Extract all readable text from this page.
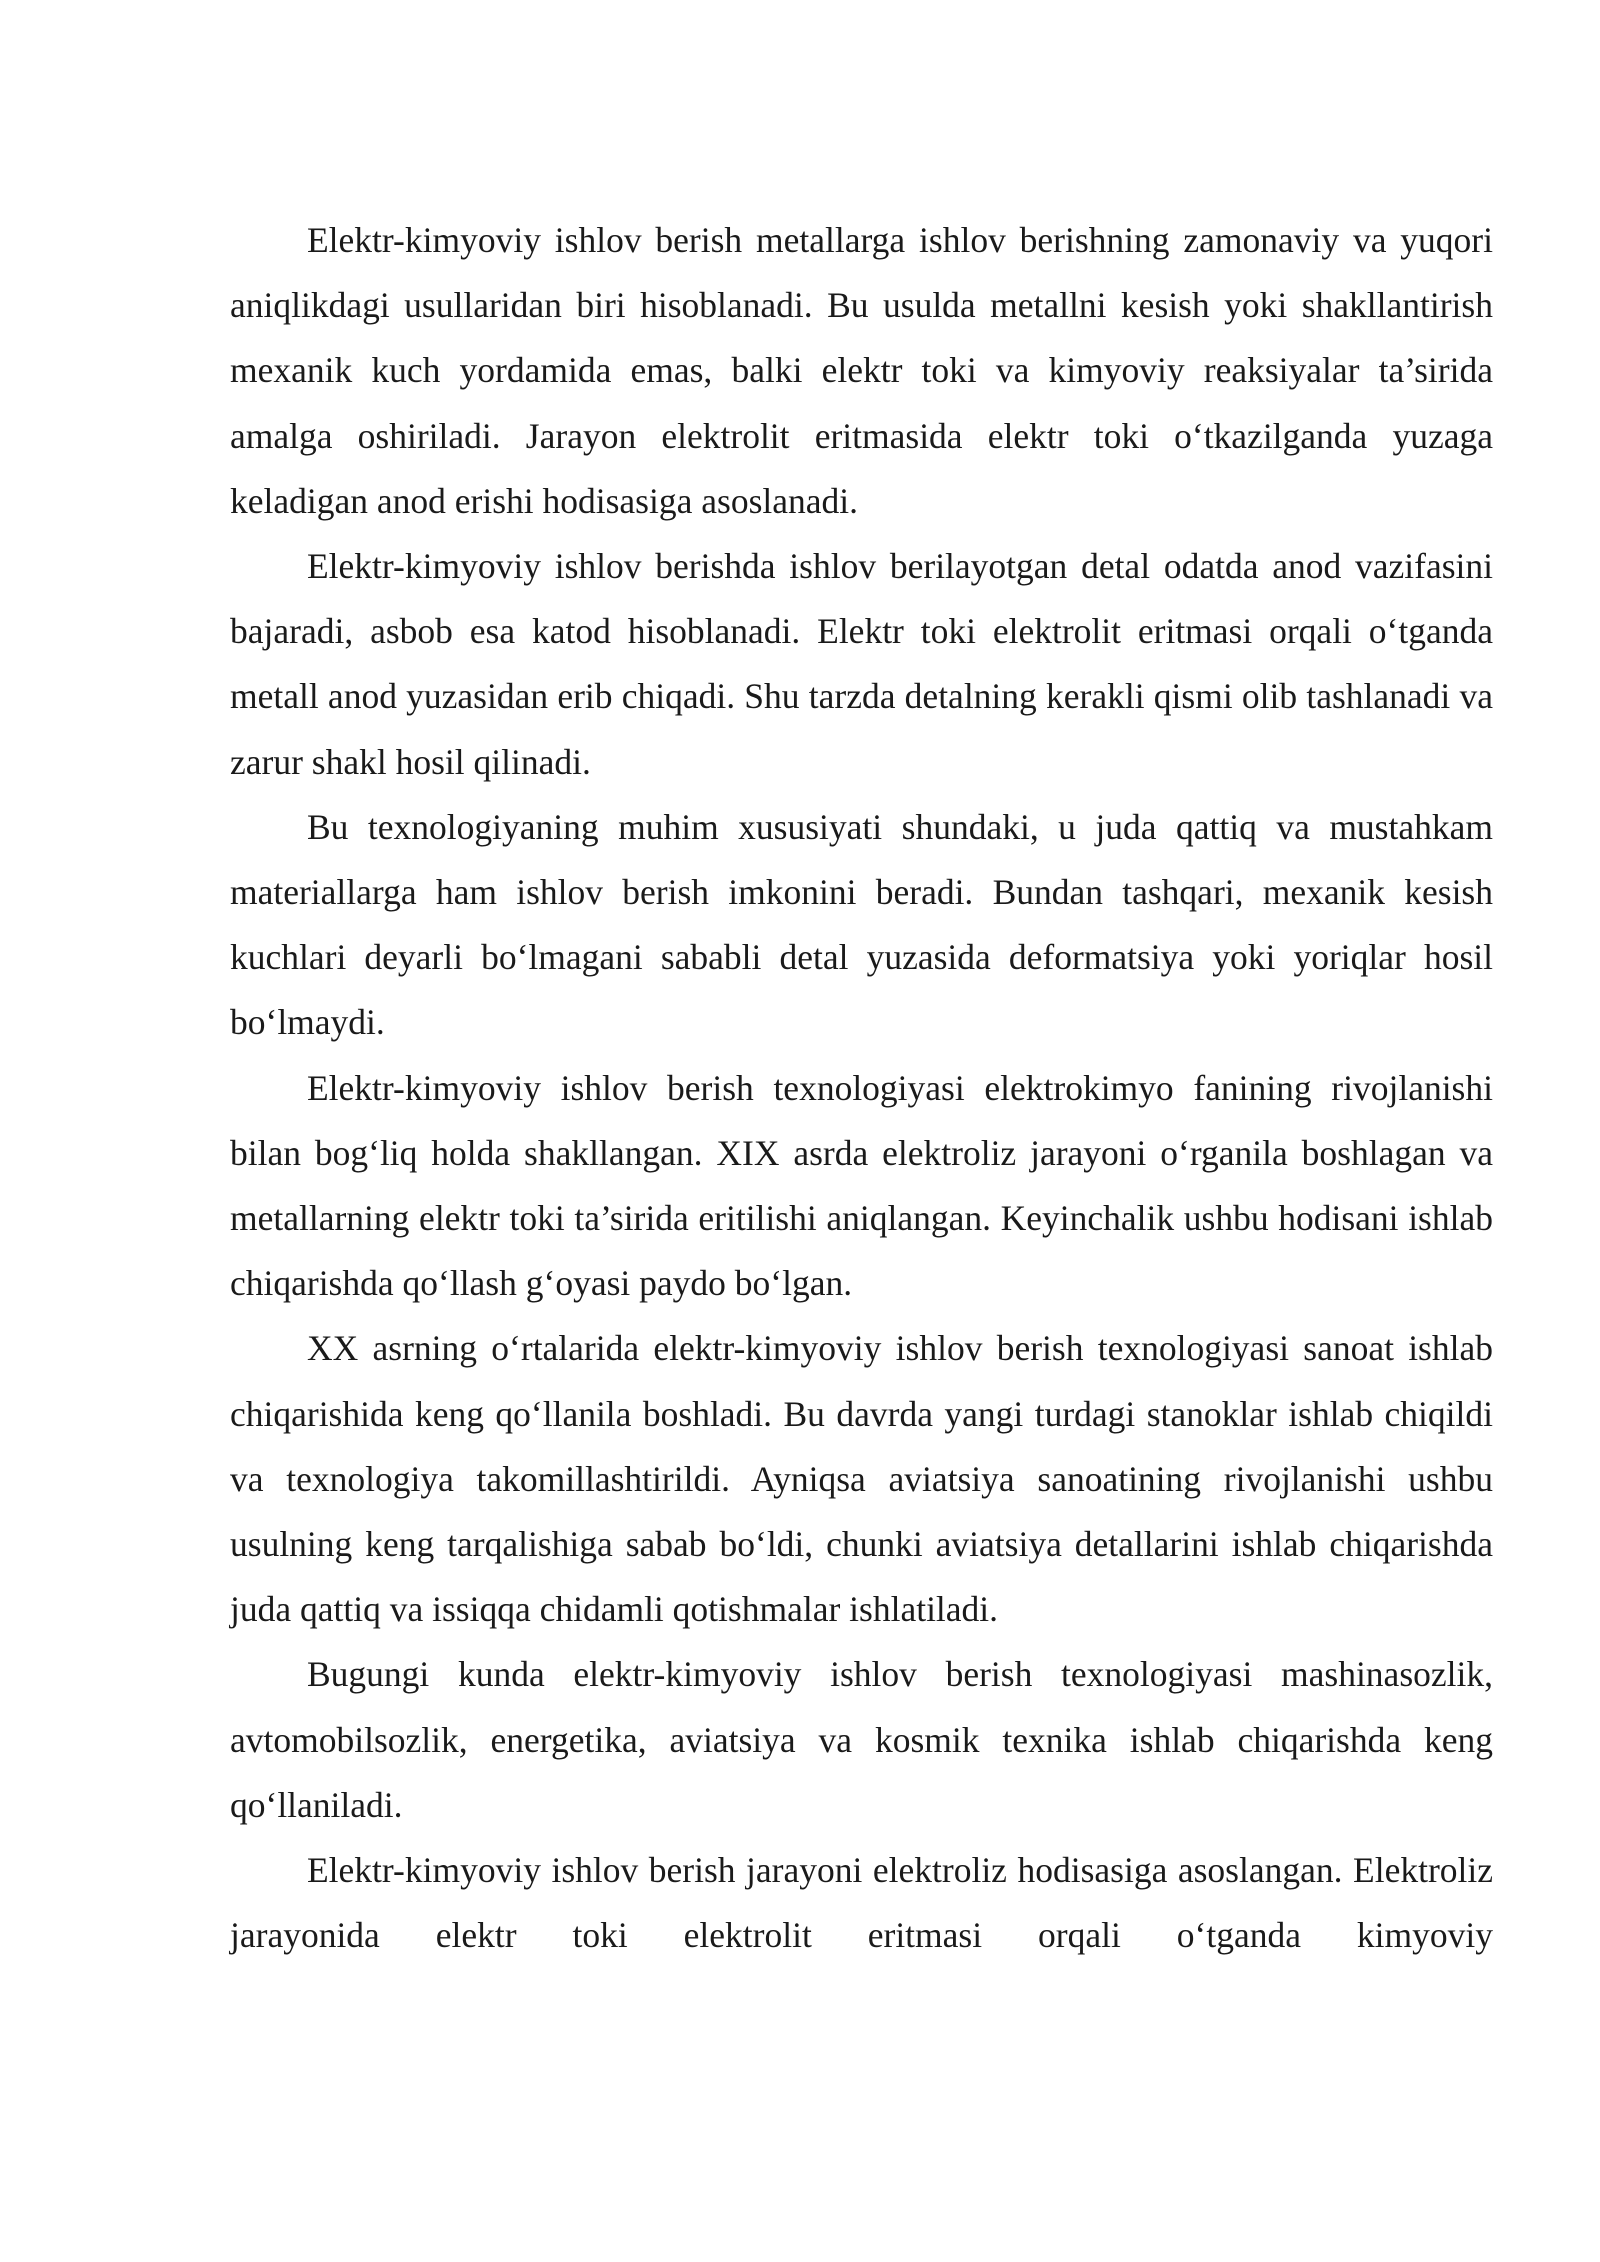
Elektr-kimyoviy ishlov berish metallarga ishlov berishning zamonaviy va yuqori aniqlikdagi usullaridan biri hisoblanadi. Bu usulda metallni kesish yoki shakllantirish mexanik kuch yordamida emas, balki elektr toki va kimyoviy reaksiyalar ta’sirida amalga oshiriladi. Jarayon elektrolit eritmasida elektr toki o‘tkazilganda yuzaga keladigan anod erishi hodisasiga asoslanadi.

Elektr-kimyoviy ishlov berishda ishlov berilayotgan detal odatda anod vazifasini bajaradi, asbob esa katod hisoblanadi. Elektr toki elektrolit eritmasi orqali o‘tganda metall anod yuzasidan erib chiqadi. Shu tarzda detalning kerakli qismi olib tashlanadi va zarur shakl hosil qilinadi.

Bu texnologiyaning muhim xususiyati shundaki, u juda qattiq va mustahkam materiallarga ham ishlov berish imkonini beradi. Bundan tashqari, mexanik kesish kuchlari deyarli bo‘lmagani sababli detal yuzasida deformatsiya yoki yoriqlar hosil bo‘lmaydi.

Elektr-kimyoviy ishlov berish texnologiyasi elektrokimyo fanining rivojlanishi bilan bog‘liq holda shakllangan. XIX asrda elektroliz jarayoni o‘rganila boshlagan va metallarning elektr toki ta’sirida eritilishi aniqlangan. Keyinchalik ushbu hodisani ishlab chiqarishda qo‘llash g‘oyasi paydo bo‘lgan.

XX asrning o‘rtalarida elektr-kimyoviy ishlov berish texnologiyasi sanoat ishlab chiqarishida keng qo‘llanila boshladi. Bu davrda yangi turdagi stanoklar ishlab chiqildi va texnologiya takomillashtirildi. Ayniqsa aviatsiya sanoatining rivojlanishi ushbu usulning keng tarqalishiga sabab bo‘ldi, chunki aviatsiya detallarini ishlab chiqarishda juda qattiq va issiqqa chidamli qotishmalar ishlatiladi.

Bugungi kunda elektr-kimyoviy ishlov berish texnologiyasi mashinasozlik, avtomobilsozlik, energetika, aviatsiya va kosmik texnika ishlab chiqarishda keng qo‘llaniladi.

Elektr-kimyoviy ishlov berish jarayoni elektroliz hodisasiga asoslangan. Elektroliz jarayonida elektr toki elektrolit eritmasi orqali o‘tganda kimyoviy
